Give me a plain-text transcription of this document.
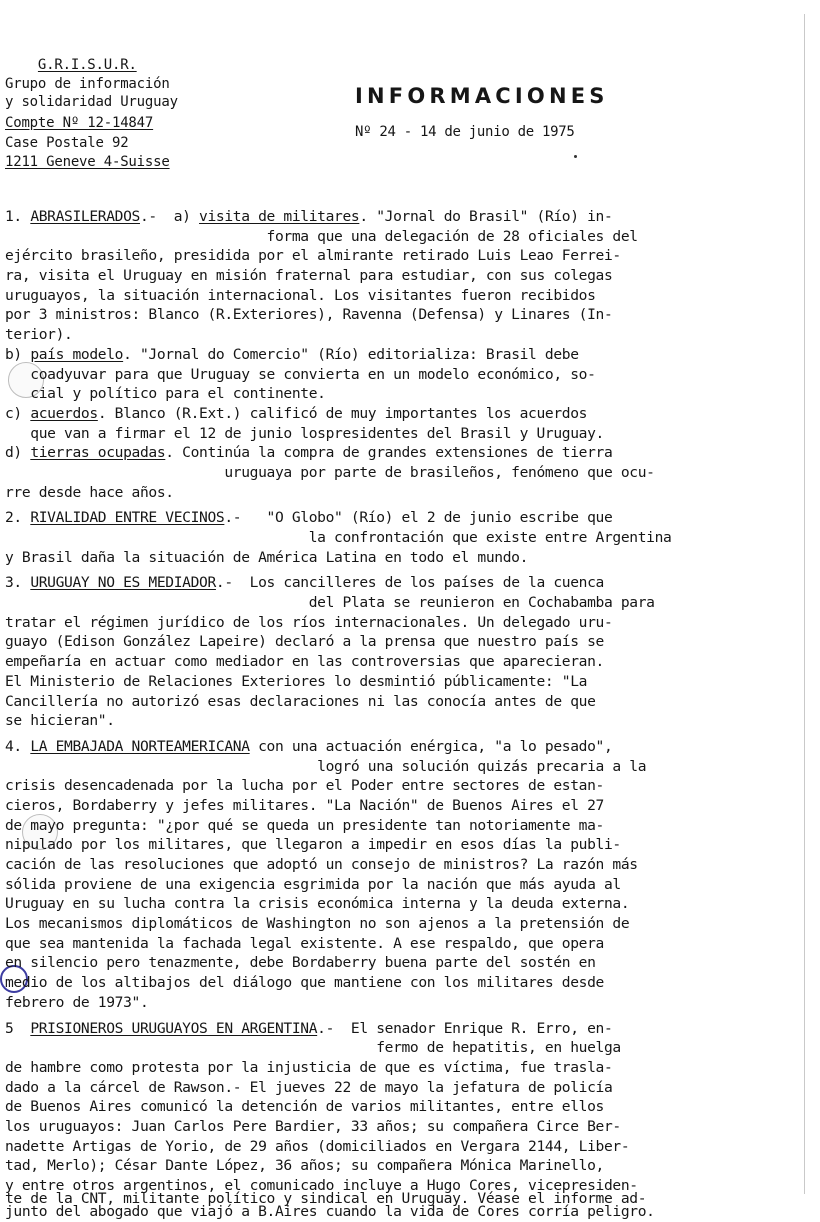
G.R.I.S.U.R.
Grupo de información
y solidaridad Uruguay
Compte Nº 12-14847
Case Postale 92
1211 Geneve 4-Suisse
INFORMACIONES
Nº 24 - 14 de junio de 1975
1. ABRASILERADOS.-  a) visita de militares. "Jornal do Brasil" (Río) in-
forma que una delegación de 28 oficiales del
ejército brasileño, presidida por el almirante retirado Luis Leao Ferrei-
ra, visita el Uruguay en misión fraternal para estudiar, con sus colegas
uruguayos, la situación internacional. Los visitantes fueron recibidos
por 3 ministros: Blanco (R.Exteriores), Ravenna (Defensa) y Linares (In-
terior).
b) país modelo. "Jornal do Comercio" (Río) editorializa: Brasil debe
coadyuvar para que Uruguay se convierta en un modelo económico, so-
cial y político para el continente.
c) acuerdos. Blanco (R.Ext.) calificó de muy importantes los acuerdos
que van a firmar el 12 de junio lospresidentes del Brasil y Uruguay.
d) tierras ocupadas. Continúa la compra de grandes extensiones de tierra
uruguaya por parte de brasileños, fenómeno que ocu-
rre desde hace años.
2. RIVALIDAD ENTRE VECINOS.-   "O Globo" (Río) el 2 de junio escribe que
la confrontación que existe entre Argentina
y Brasil daña la situación de América Latina en todo el mundo.
3. URUGUAY NO ES MEDIADOR.-  Los cancilleres de los países de la cuenca
del Plata se reunieron en Cochabamba para
tratar el régimen jurídico de los ríos internacionales. Un delegado uru-
guayo (Edison González Lapeire) declaró a la prensa que nuestro país se
empeñaría en actuar como mediador en las controversias que aparecieran.
El Ministerio de Relaciones Exteriores lo desmintió públicamente: "La
Cancillería no autorizó esas declaraciones ni las conocía antes de que
se hicieran".
4. LA EMBAJADA NORTEAMERICANA con una actuación enérgica, "a lo pesado",
logró una solución quizás precaria a la
crisis desencadenada por la lucha por el Poder entre sectores de estan-
cieros, Bordaberry y jefes militares. "La Nación" de Buenos Aires el 27
de mayo pregunta: "¿por qué se queda un presidente tan notoriamente ma-
nipulado por los militares, que llegaron a impedir en esos días la publi-
cación de las resoluciones que adoptó un consejo de ministros? La razón más
sólida proviene de una exigencia esgrimida por la nación que más ayuda al
Uruguay en su lucha contra la crisis económica interna y la deuda externa.
Los mecanismos diplomáticos de Washington no son ajenos a la pretensión de
que sea mantenida la fachada legal existente. A ese respaldo, que opera
en silencio pero tenazmente, debe Bordaberry buena parte del sostén en
medio de los altibajos del diálogo que mantiene con los militares desde
febrero de 1973".
5 PRISIONEROS URUGUAYOS EN ARGENTINA.-  El senador Enrique R. Erro, en-
fermo de hepatitis, en huelga
de hambre como protesta por la injusticia de que es víctima, fue trasla-
dado a la cárcel de Rawson.- El jueves 22 de mayo la jefatura de policía
de Buenos Aires comunicó la detención de varios militantes, entre ellos
los uruguayos: Juan Carlos Pere Bardier, 33 años; su compañera Circe Ber-
nadette Artigas de Yorio, de 29 años (domiciliados en Vergara 2144, Liber-
tad, Merlo); César Dante López, 36 años; su compañera Mónica Marinello,
y entre otros argentinos, el comunicado incluye a Hugo Cores, vicepresiden-
te de la CNT, militante político y sindical en Uruguay. Véase el informe ad-
junto del abogado que viajó a B.Aires cuando la vida de Cores corría peligro.
